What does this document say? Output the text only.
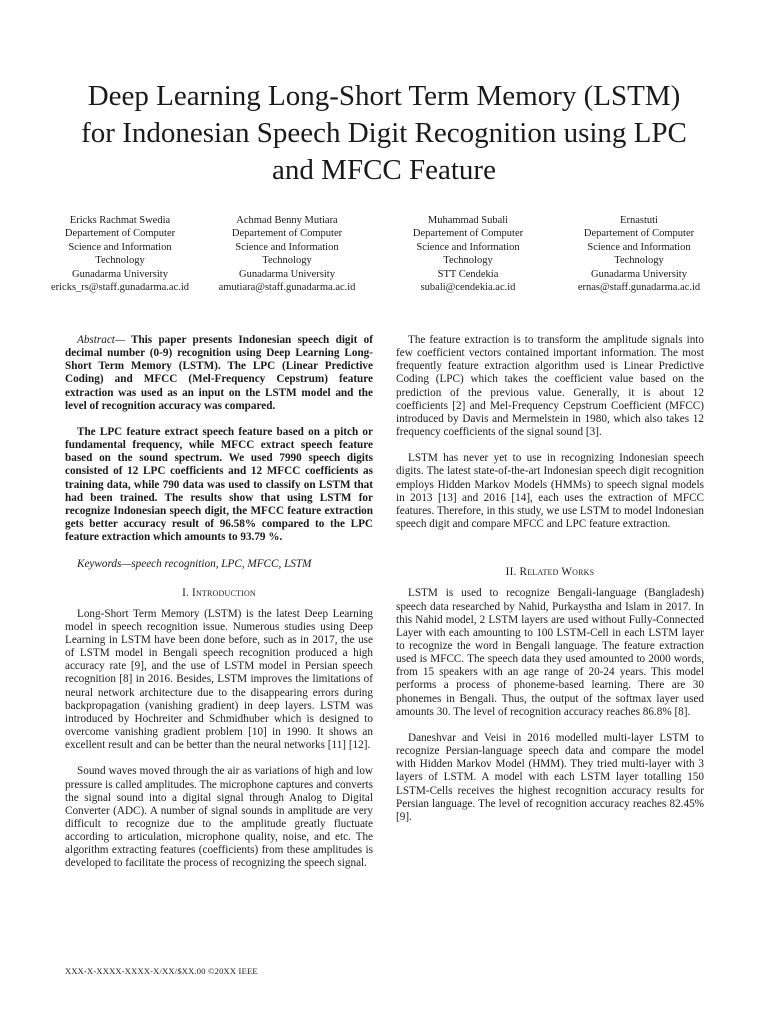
Deep Learning Long-Short Term Memory (LSTM)
for Indonesian Speech Digit Recognition using LPC
and MFCC Feature
Ericks Rachmat Swedia
Departement of Computer
Science and Information
Technology
Gunadarma University
ericks_rs@staff.gunadarma.ac.id
Achmad Benny Mutiara
Departement of Computer
Science and Information
Technology
Gunadarma University
amutiara@staff.gunadarma.ac.id
Muhammad Subali
Departement of Computer
Science and Information
Technology
STT Cendekia
subali@cendekia.ac.id
Ernastuti
Departement of Computer
Science and Information
Technology
Gunadarma University
ernas@staff.gunadarma.ac.id

Abstract— This paper presents Indonesian speech digit of decimal number (0-9) recognition using Deep Learning Long-Short Term Memory (LSTM). The LPC (Linear Predictive Coding) and MFCC (Mel-Frequency Cepstrum) feature extraction was used as an input on the LSTM model and the level of recognition accuracy was compared.

The LPC feature extract speech feature based on a pitch or fundamental frequency, while MFCC extract speech feature based on the sound spectrum. We used 7990 speech digits consisted of 12 LPC coefficients and 12 MFCC coefficients as training data, while 790 data was used to classify on LSTM that had been trained. The results show that using LSTM for recognize Indonesian speech digit, the MFCC feature extraction gets better accuracy result of 96.58% compared to the LPC feature extraction which amounts to 93.79 %.

Keywords—speech recognition, LPC, MFCC, LSTM

I. Introduction

Long-Short Term Memory (LSTM) is the latest Deep Learning model in speech recognition issue. Numerous studies using Deep Learning in LSTM have been done before, such as in 2017, the use of LSTM model in Bengali speech recognition produced a high accuracy rate [9], and the use of LSTM model in Persian speech recognition [8] in 2016. Besides, LSTM improves the limitations of neural network architecture due to the disappearing errors during backpropagation (vanishing gradient) in deep layers. LSTM was introduced by Hochreiter and Schmidhuber which is designed to overcome vanishing gradient problem [10] in 1990. It shows an excellent result and can be better than the neural networks [11] [12].

Sound waves moved through the air as variations of high and low pressure is called amplitudes. The microphone captures and converts the signal sound into a digital signal through Analog to Digital Converter (ADC). A number of signal sounds in amplitude are very difficult to recognize due to the amplitude greatly fluctuate according to articulation, microphone quality, noise, and etc. The algorithm extracting features (coefficients) from these amplitudes is developed to facilitate the process of recognizing the speech signal.

The feature extraction is to transform the amplitude signals into few coefficient vectors contained important information. The most frequently feature extraction algorithm used is Linear Predictive Coding (LPC) which takes the coefficient value based on the prediction of the previous value. Generally, it is about 12 coefficients [2] and Mel-Frequency Cepstrum Coefficient (MFCC) introduced by Davis and Mermelstein in 1980, which also takes 12 frequency coefficients of the signal sound [3].

LSTM has never yet to use in recognizing Indonesian speech digits. The latest state-of-the-art Indonesian speech digit recognition employs Hidden Markov Models (HMMs) to speech signal models in 2013 [13] and 2016 [14], each uses the extraction of MFCC features. Therefore, in this study, we use LSTM to model Indonesian speech digit and compare MFCC and LPC feature extraction.

II. Related Works

LSTM is used to recognize Bengali-language (Bangladesh) speech data researched by Nahid, Purkaystha and Islam in 2017. In this Nahid model, 2 LSTM layers are used without Fully-Connected Layer with each amounting to 100 LSTM-Cell in each LSTM layer to recognize the word in Bengali language. The feature extraction used is MFCC. The speech data they used amounted to 2000 words, from 15 speakers with an age range of 20-24 years. This model performs a process of phoneme-based learning. There are 30 phonemes in Bengali. Thus, the output of the softmax layer used amounts 30. The level of recognition accuracy reaches 86.8% [8].

Daneshvar and Veisi in 2016 modelled multi-layer LSTM to recognize Persian-language speech data and compare the model with Hidden Markov Model (HMM). They tried multi-layer with 3 layers of LSTM. A model with each LSTM layer totalling 150 LSTM-Cells receives the highest recognition accuracy results for Persian language. The level of recognition accuracy reaches 82.45% [9].

XXX-X-XXXX-XXXX-X/XX/$XX.00 ©20XX IEEE
